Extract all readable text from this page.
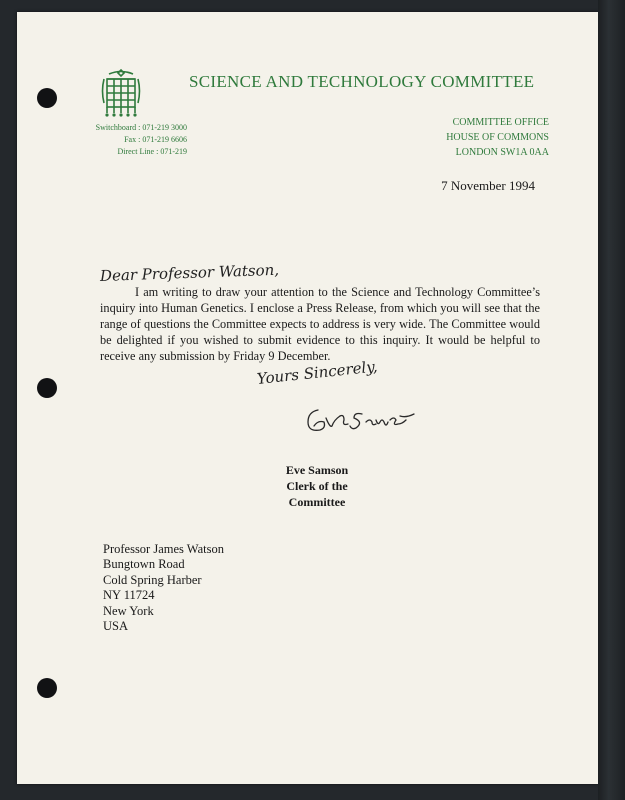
SCIENCE AND TECHNOLOGY COMMITTEE
Switchboard : 071-219 3000
Fax : 071-219 6606
Direct Line : 071-219
COMMITTEE OFFICE
HOUSE OF COMMONS
LONDON SW1A 0AA
7 November 1994
Dear Professor Watson,

I am writing to draw your attention to the Science and Technology Committee’s inquiry into Human Genetics. I enclose a Press Release, from which you will see that the range of questions the Committee expects to address is very wide. The Committee would be delighted if you wished to submit evidence to this inquiry. It would be helpful to receive any submission by Friday 9 December.

Yours Sincerely,
Eve Samson
Clerk of the Committee
Professor James Watson
Bungtown Road
Cold Spring Harber
NY 11724
New York
USA
